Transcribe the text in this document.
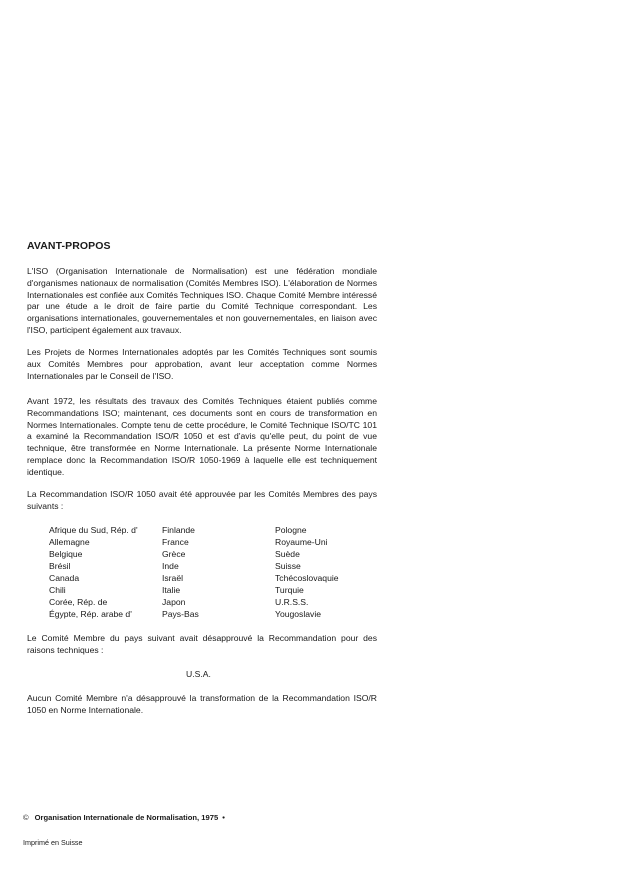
AVANT-PROPOS
L'ISO (Organisation Internationale de Normalisation) est une fédération mondiale d'organismes nationaux de normalisation (Comités Membres ISO). L'élaboration de Normes Internationales est confiée aux Comités Techniques ISO. Chaque Comité Membre intéressé par une étude a le droit de faire partie du Comité Technique correspondant. Les organisations internationales, gouvernementales et non gouvernementales, en liaison avec l'ISO, participent également aux travaux.
Les Projets de Normes Internationales adoptés par les Comités Techniques sont soumis aux Comités Membres pour approbation, avant leur acceptation comme Normes Internationales par le Conseil de l'ISO.
Avant 1972, les résultats des travaux des Comités Techniques étaient publiés comme Recommandations ISO; maintenant, ces documents sont en cours de transformation en Normes Internationales. Compte tenu de cette procédure, le Comité Technique ISO/TC 101 a examiné la Recommandation ISO/R 1050 et est d'avis qu'elle peut, du point de vue technique, être transformée en Norme Internationale. La présente Norme Internationale remplace donc la Recommandation ISO/R 1050-1969 à laquelle elle est techniquement identique.
La Recommandation ISO/R 1050 avait été approuvée par les Comités Membres des pays suivants :
Afrique du Sud, Rép. d'
Allemagne
Belgique
Brésil
Canada
Chili
Corée, Rép. de
Égypte, Rép. arabe d'
Finlande
France
Grèce
Inde
Israël
Italie
Japon
Pays-Bas
Pologne
Royaume-Uni
Suède
Suisse
Tchécoslovaquie
Turquie
U.R.S.S.
Yougoslavie
Le Comité Membre du pays suivant avait désapprouvé la Recommandation pour des raisons techniques :
U.S.A.
Aucun Comité Membre n'a désapprouvé la transformation de la Recommandation ISO/R 1050 en Norme Internationale.
© Organisation Internationale de Normalisation, 1975 •
Imprimé en Suisse
